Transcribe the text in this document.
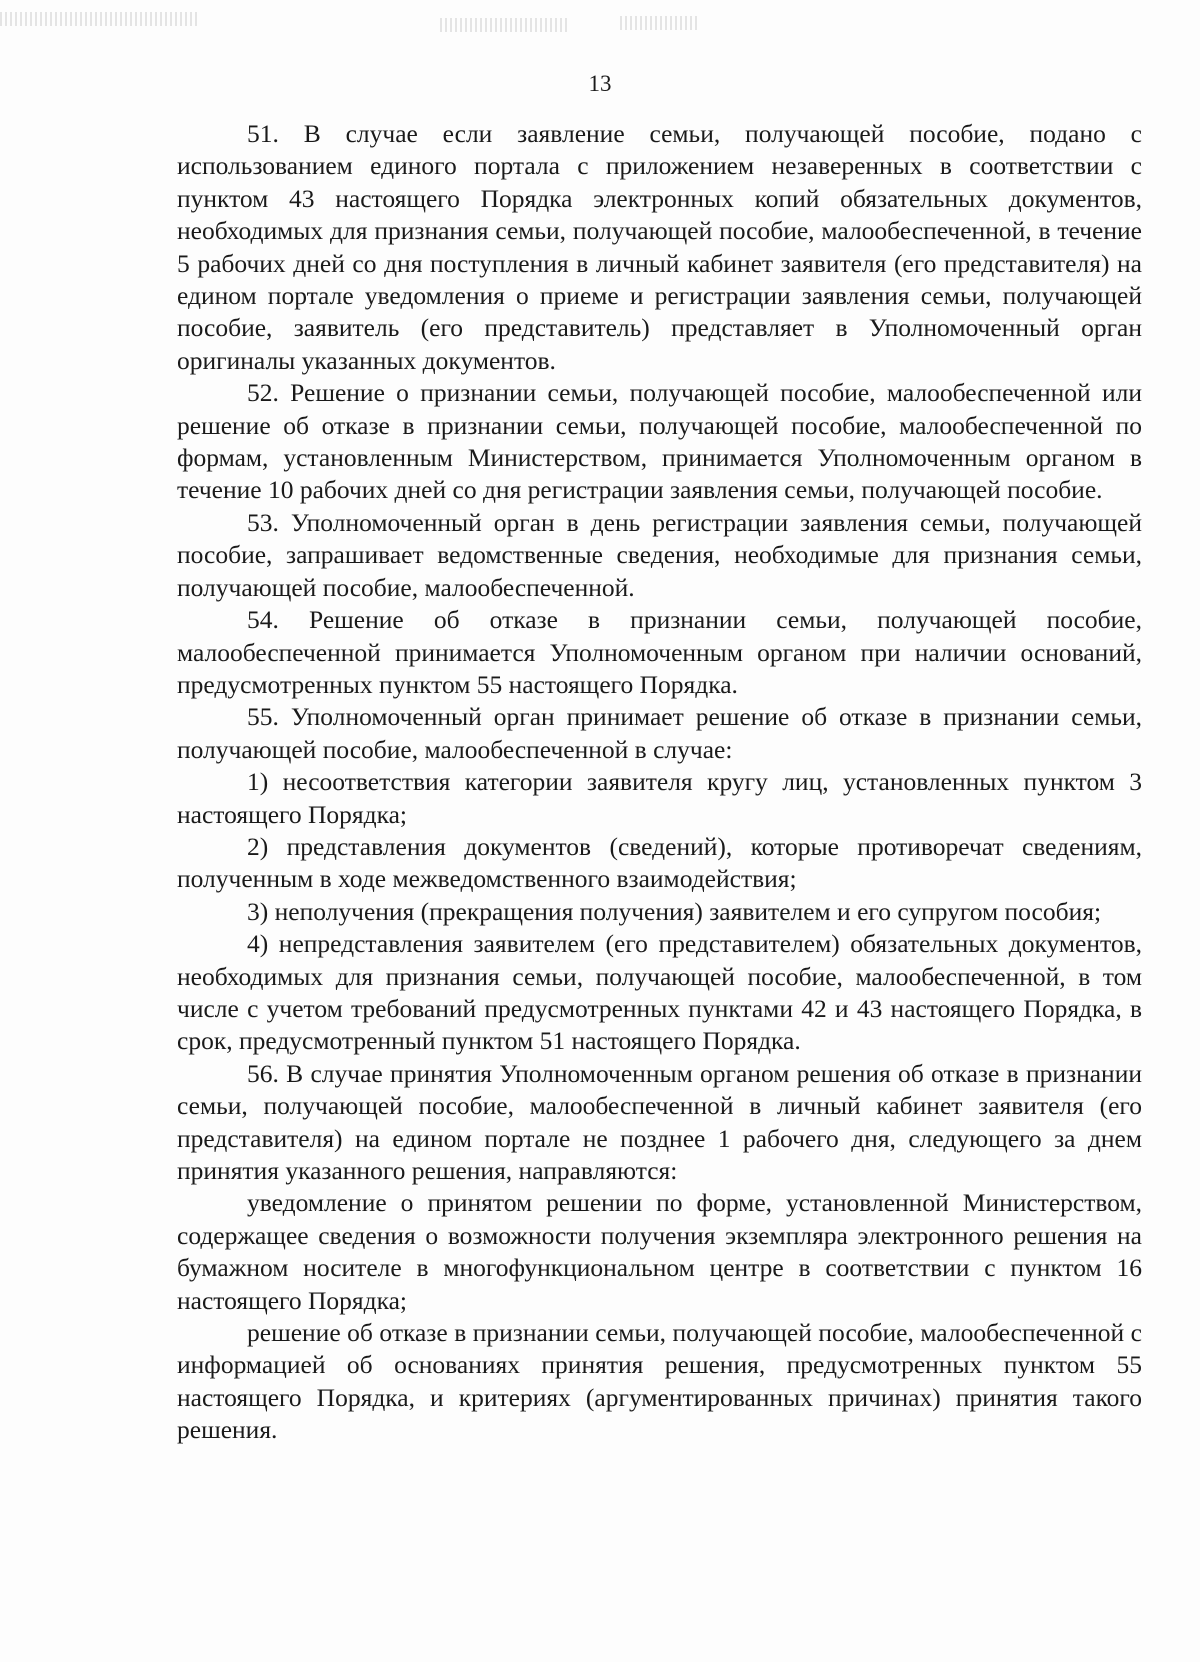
13

51. В случае если заявление семьи, получающей пособие, подано с использованием единого портала с приложением незаверенных в соответствии с пунктом 43 настоящего Порядка электронных копий обязательных документов, необходимых для признания семьи, получающей пособие, малообеспеченной, в течение 5 рабочих дней со дня поступления в личный кабинет заявителя (его представителя) на едином портале уведомления о приеме и регистрации заявления семьи, получающей пособие, заявитель (его представитель) представляет в Уполномоченный орган оригиналы указанных документов.

52. Решение о признании семьи, получающей пособие, малообеспеченной или решение об отказе в признании семьи, получающей пособие, малообеспеченной по формам, установленным Министерством, принимается Уполномоченным органом в течение 10 рабочих дней со дня регистрации заявления семьи, получающей пособие.

53. Уполномоченный орган в день регистрации заявления семьи, получающей пособие, запрашивает ведомственные сведения, необходимые для признания семьи, получающей пособие, малообеспеченной.

54. Решение об отказе в признании семьи, получающей пособие, малообеспеченной принимается Уполномоченным органом при наличии оснований, предусмотренных пунктом 55 настоящего Порядка.

55. Уполномоченный орган принимает решение об отказе в признании семьи, получающей пособие, малообеспеченной в случае:

1) несоответствия категории заявителя кругу лиц, установленных пунктом 3 настоящего Порядка;

2) представления документов (сведений), которые противоречат сведениям, полученным в ходе межведомственного взаимодействия;

3) неполучения (прекращения получения) заявителем и его супругом пособия;

4) непредставления заявителем (его представителем) обязательных документов, необходимых для признания семьи, получающей пособие, малообеспеченной, в том числе с учетом требований предусмотренных пунктами 42 и 43 настоящего Порядка, в срок, предусмотренный пунктом 51 настоящего Порядка.

56. В случае принятия Уполномоченным органом решения об отказе в признании семьи, получающей пособие, малообеспеченной в личный кабинет заявителя (его представителя) на едином портале не позднее 1 рабочего дня, следующего за днем принятия указанного решения, направляются:

уведомление о принятом решении по форме, установленной Министерством, содержащее сведения о возможности получения экземпляра электронного решения на бумажном носителе в многофункциональном центре в соответствии с пунктом 16 настоящего Порядка;

решение об отказе в признании семьи, получающей пособие, малообеспеченной с информацией об основаниях принятия решения, предусмотренных пунктом 55 настоящего Порядка, и критериях (аргументированных причинах) принятия такого решения.
